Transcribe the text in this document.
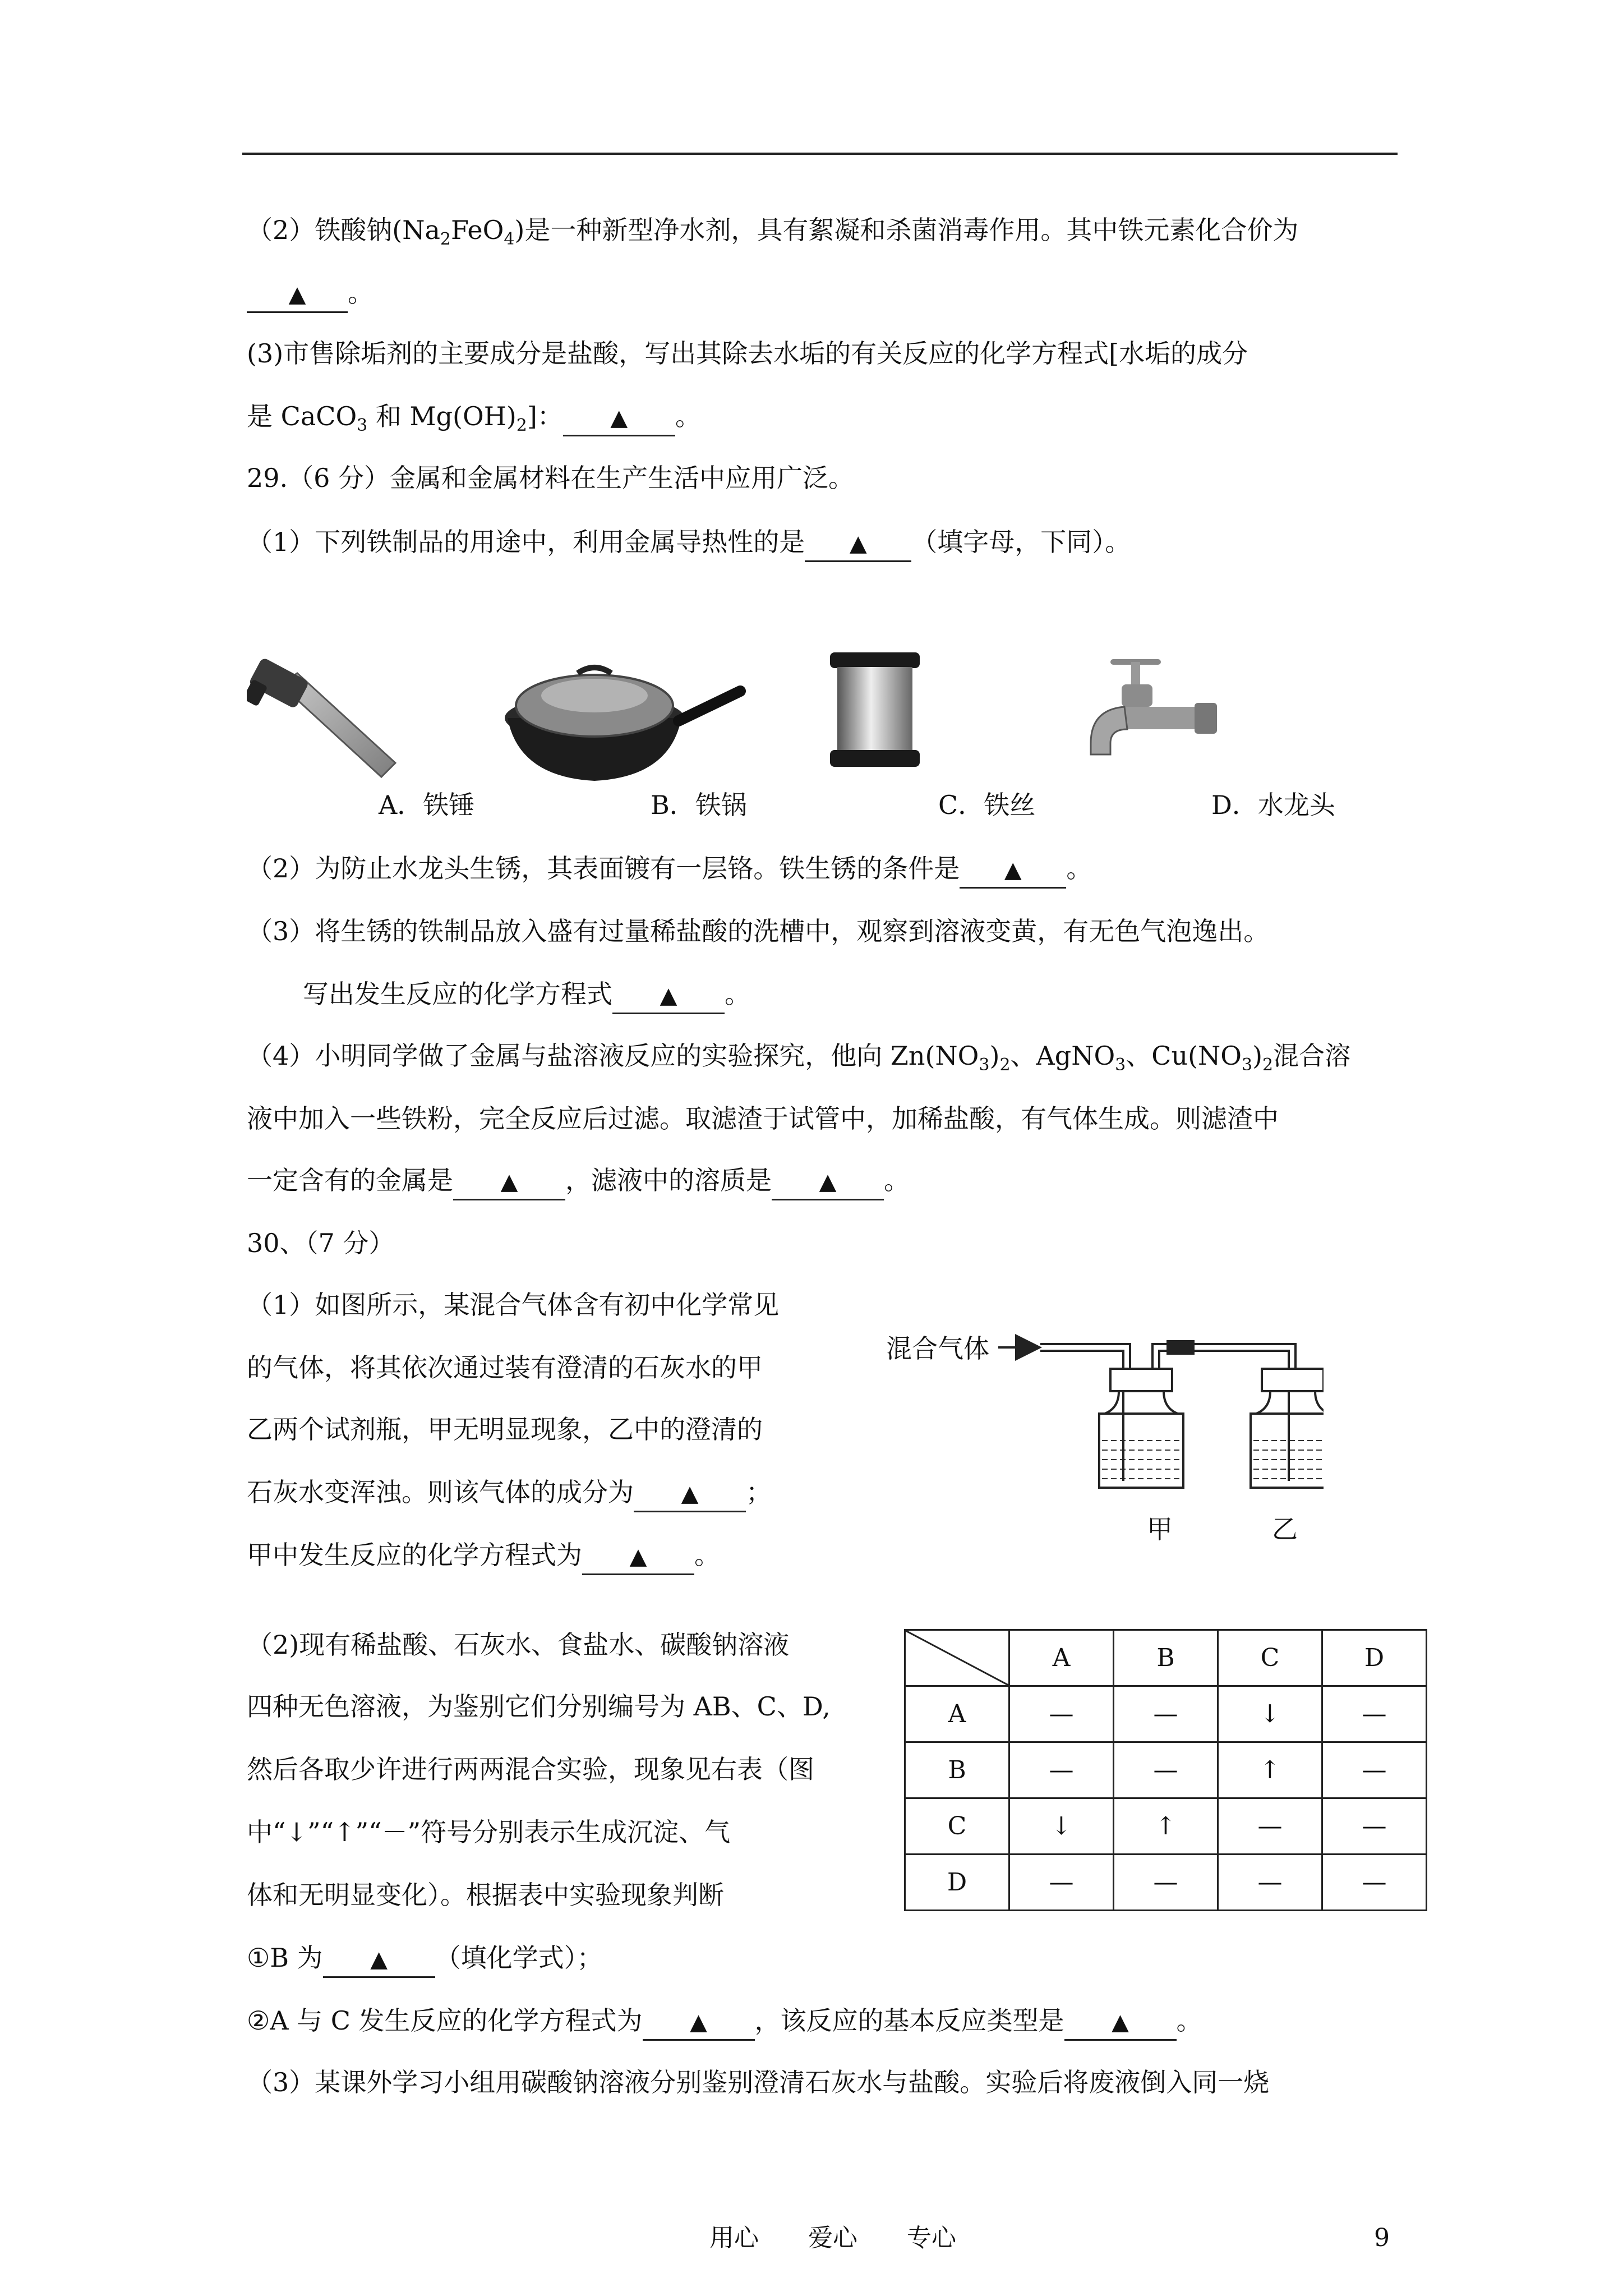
（2）铁酸钠$(Na_2FeO_4)$是一种新型净水剂，具有絮凝和杀菌消毒作用。其中铁元素化合价为
▲ 。
(3)市售除垢剂的主要成分是盐酸，写出其除去水垢的有关反应的化学方程式[水垢的成分
是 CaCO$_3$ 和 $Mg(OH)_2$]： ▲ 。
29.（6 分）金属和金属材料在生产生活中应用广泛。
（1）下列铁制品的用途中，利用金属导热性的是 ▲ （填字母，下同）。
A．铁锤	B．铁锅	C．铁丝	D．水龙头
（2）为防止水龙头生锈，其表面镀有一层铬。铁生锈的条件是 ▲ 。
（3）将生锈的铁制品放入盛有过量稀盐酸的洗槽中，观察到溶液变黄，有无色气泡逸出。
写出发生反应的化学方程式 ▲ 。
（4）小明同学做了金属与盐溶液反应的实验探究，他向 $Zn(NO_3)_2$、AgNO$_3$、$Cu(NO_3)_2$混合溶
液中加入一些铁粉，完全反应后过滤。取滤渣于试管中，加稀盐酸，有气体生成。则滤渣中
一定含有的金属是 ▲ ，滤液中的溶质是 ▲ 。
30、（7 分）
（1）如图所示，某混合气体含有初中化学常见
的气体，将其依次通过装有澄清的石灰水的甲
乙两个试剂瓶，甲无明显现象，乙中的澄清的
石灰水变浑浊。则该气体的成分为 ▲ ；
甲中发生反应的化学方程式为 ▲ 。
混合气体
甲	乙
（2)现有稀盐酸、石灰水、食盐水、碳酸钠溶液
四种无色溶液，为鉴别它们分别编号为 AB、C、D,
然后各取少许进行两两混合实验，现象见右表（图
中“↓”“↑”“－”符号分别表示生成沉淀、气
体和无明显变化）。根据表中实验现象判断
	A	B	C	D
A	—	—	↓	—
B	—	—	↑	—
C	↓	↑	—	—
D	—	—	—	—
①B 为 ▲ （填化学式）；
②A 与 C 发生反应的化学方程式为 ▲ ，该反应的基本反应类型是 ▲ 。
（3）某课外学习小组用碳酸钠溶液分别鉴别澄清石灰水与盐酸。实验后将废液倒入同一烧
用心　　爱心　　专心	9
